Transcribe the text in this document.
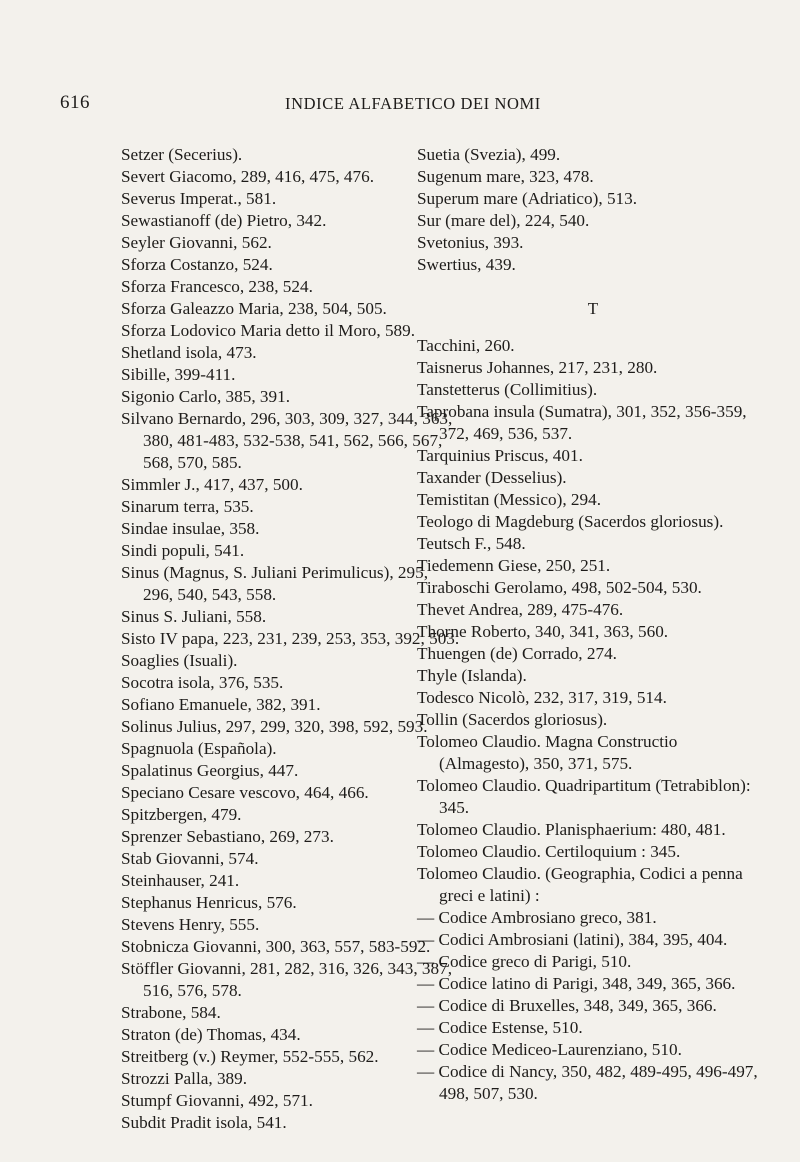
616	INDICE ALFABETICO DEI NOMI
Setzer (Secerius).
Severt Giacomo, 289, 416, 475, 476.
Severus Imperat., 581.
Sewastianoff (de) Pietro, 342.
Seyler Giovanni, 562.
Sforza Costanzo, 524.
Sforza Francesco, 238, 524.
Sforza Galeazzo Maria, 238, 504, 505.
Sforza Lodovico Maria detto il Moro, 589.
Shetland isola, 473.
Sibille, 399-411.
Sigonio Carlo, 385, 391.
Silvano Bernardo, 296, 303, 309, 327, 344, 363, 380, 481-483, 532-538, 541, 562, 566, 567, 568, 570, 585.
Simmler J., 417, 437, 500.
Sinarum terra, 535.
Sindae insulae, 358.
Sindi populi, 541.
Sinus (Magnus, S. Juliani Perimulicus), 295, 296, 540, 543, 558.
Sinus S. Juliani, 558.
Sisto IV papa, 223, 231, 239, 253, 353, 392, 503.
Soaglies (Isuali).
Socotra isola, 376, 535.
Sofiano Emanuele, 382, 391.
Solinus Julius, 297, 299, 320, 398, 592, 593.
Spagnuola (Española).
Spalatinus Georgius, 447.
Speciano Cesare vescovo, 464, 466.
Spitzbergen, 479.
Sprenzer Sebastiano, 269, 273.
Stab Giovanni, 574.
Steinhauser, 241.
Stephanus Henricus, 576.
Stevens Henry, 555.
Stobnicza Giovanni, 300, 363, 557, 583-592.
Stöffler Giovanni, 281, 282, 316, 326, 343, 387, 516, 576, 578.
Strabone, 584.
Straton (de) Thomas, 434.
Streitberg (v.) Reymer, 552-555, 562.
Strozzi Palla, 389.
Stumpf Giovanni, 492, 571.
Subdit Pradit isola, 541.
Suetia (Svezia), 499.
Sugenum mare, 323, 478.
Superum mare (Adriatico), 513.
Sur (mare del), 224, 540.
Svetonius, 393.
Swertius, 439.
T
Tacchini, 260.
Taisnerus Johannes, 217, 231, 280.
Tanstetterus (Collimitius).
Taprobana insula (Sumatra), 301, 352, 356-359, 372, 469, 536, 537.
Tarquinius Priscus, 401.
Taxander (Desselius).
Temistitan (Messico), 294.
Teologo di Magdeburg (Sacerdos gloriosus).
Teutsch F., 548.
Tiedemenn Giese, 250, 251.
Tiraboschi Gerolamo, 498, 502-504, 530.
Thevet Andrea, 289, 475-476.
Thorne Roberto, 340, 341, 363, 560.
Thuengen (de) Corrado, 274.
Thyle (Islanda).
Todesco Nicolò, 232, 317, 319, 514.
Tollin (Sacerdos gloriosus).
Tolomeo Claudio. Magna Constructio (Almagesto), 350, 371, 575.
Tolomeo Claudio. Quadripartitum (Tetrabiblon): 345.
Tolomeo Claudio. Planisphaerium: 480, 481.
Tolomeo Claudio. Certiloquium : 345.
Tolomeo Claudio. (Geographia, Codici a penna greci e latini) :
— Codice Ambrosiano greco, 381.
— Codici Ambrosiani (latini), 384, 395, 404.
— Codice greco di Parigi, 510.
— Codice latino di Parigi, 348, 349, 365, 366.
— Codice di Bruxelles, 348, 349, 365, 366.
— Codice Estense, 510.
— Codice Mediceo-Laurenziano, 510.
— Codice di Nancy, 350, 482, 489-495, 496-497, 498, 507, 530.
